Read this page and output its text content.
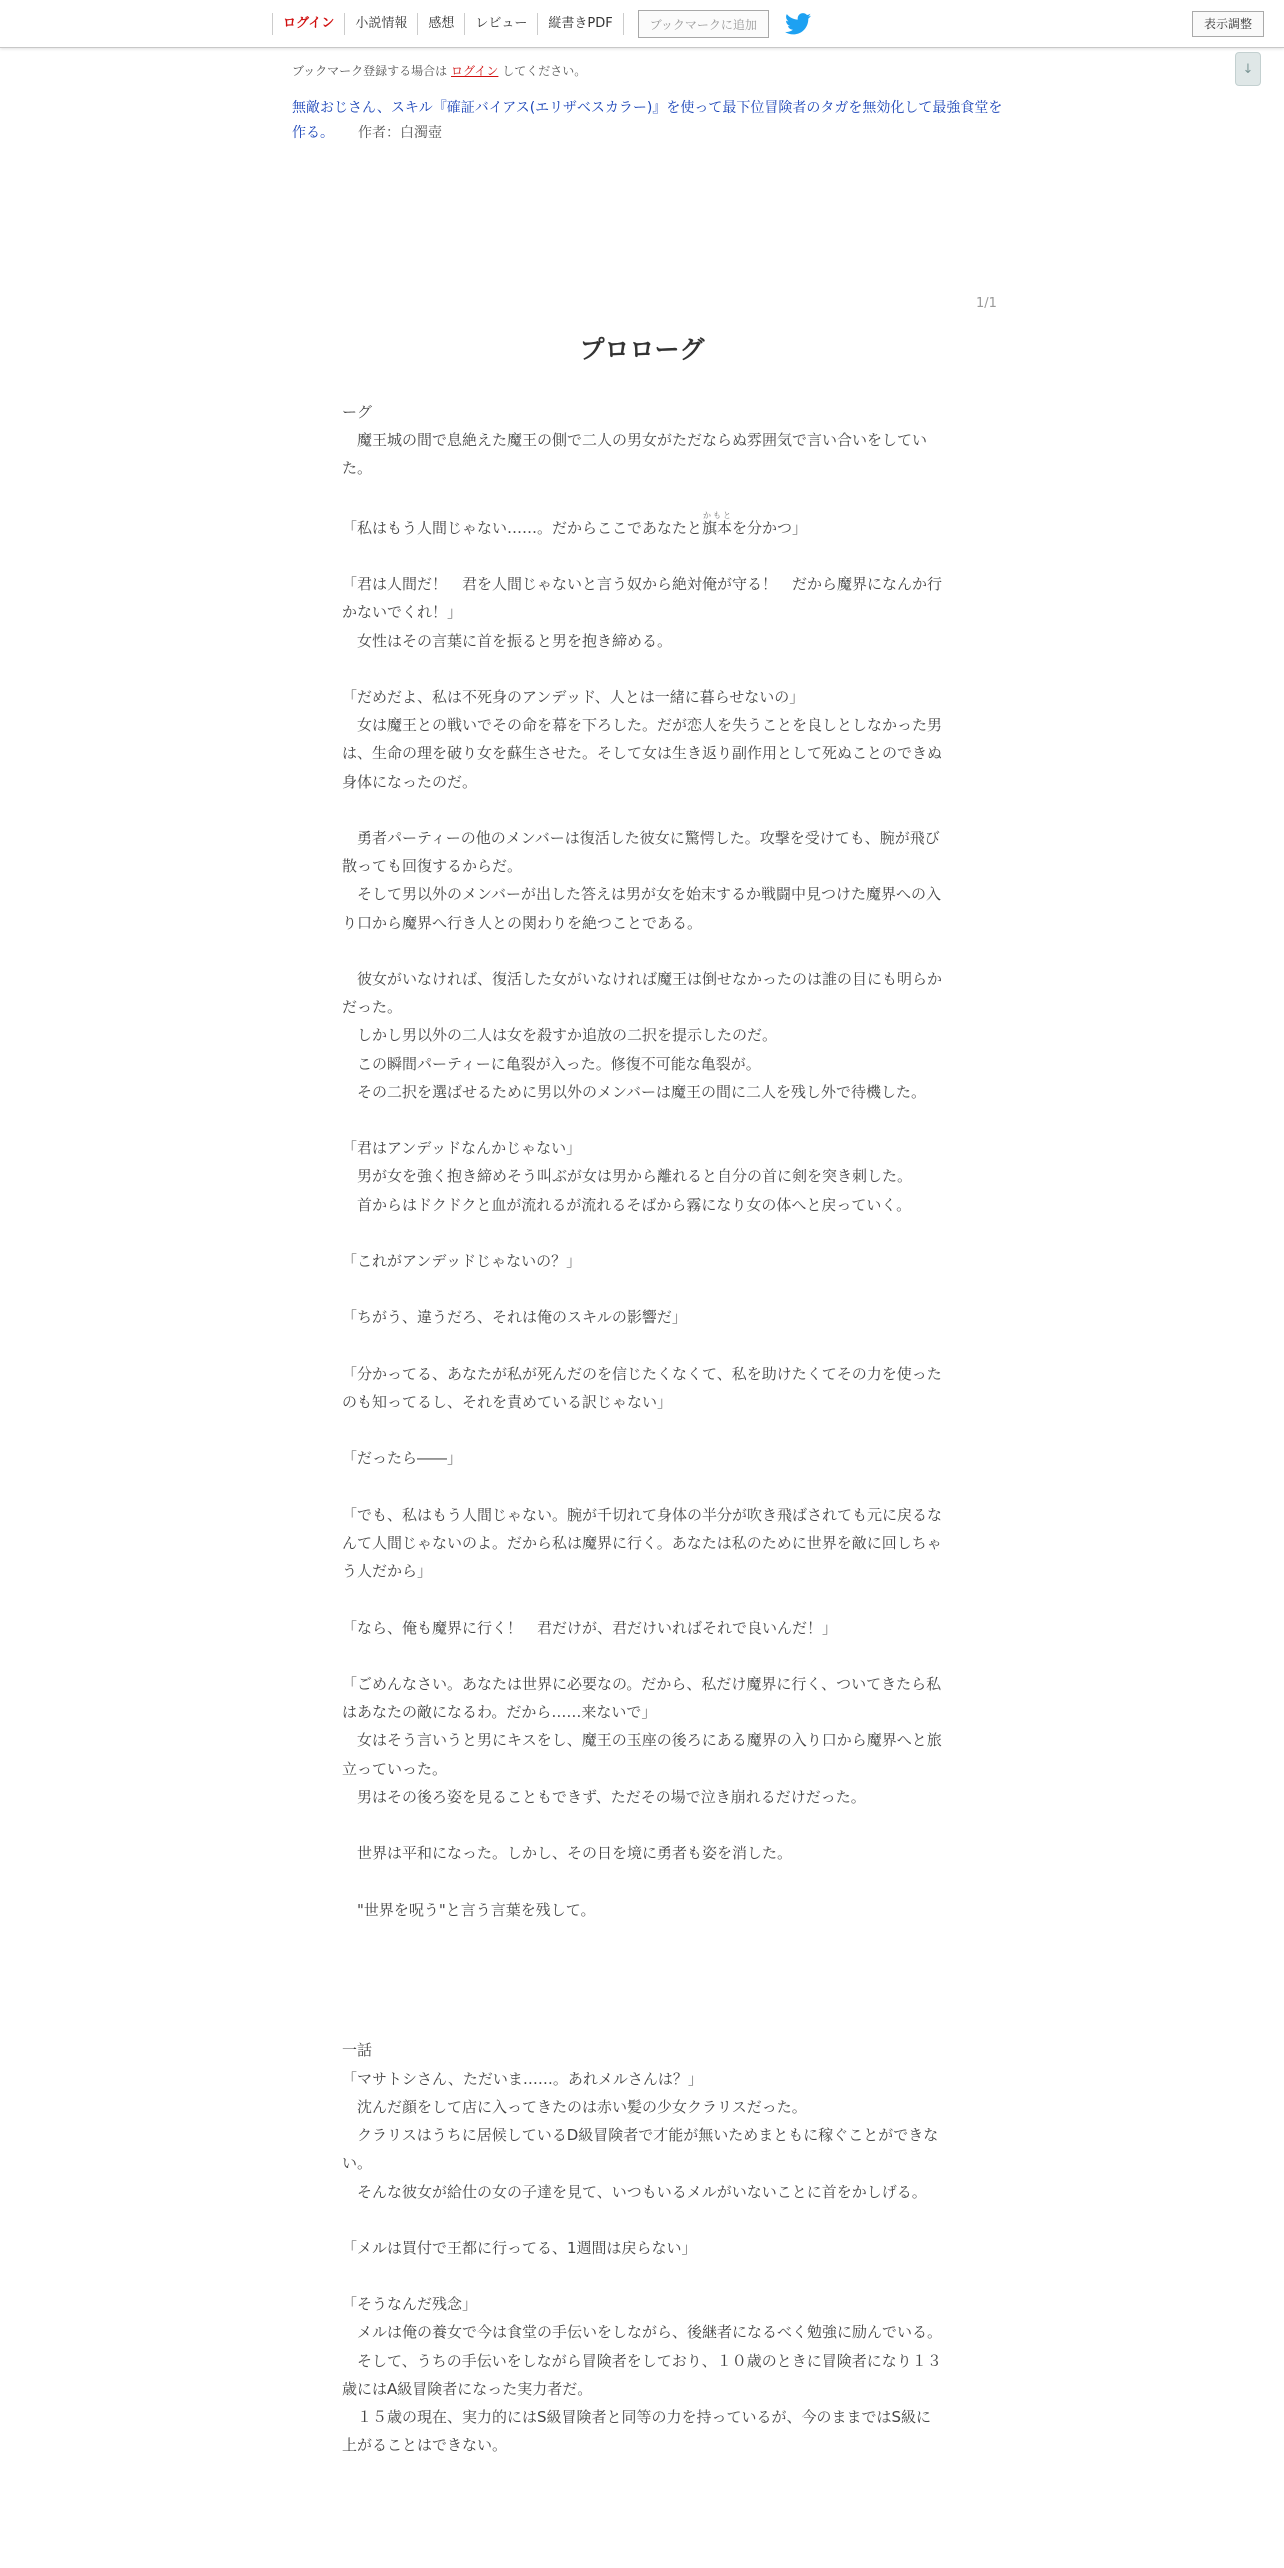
ログイン	小説情報	感想	レビュー	縦書きPDF	ブックマークに追加	表示調整
↓
ブックマーク登録する場合は ログイン してください。
無敵おじさん、スキル『確証バイアス(エリザベスカラー)』を使って最下位冒険者のタガを無効化して最強食堂を作る。 作者：白濁壺
1/1
プロローグ

ーグ

　魔王城の間で息絶えた魔王の側で二人の男女がただならぬ雰囲気で言い合いをしていた。

「私はもう人間じゃない……。だからここであなたと旗本かもとを分かつ」

「君は人間だ！　君を人間じゃないと言う奴から絶対俺が守る！　だから魔界になんか行かないでくれ！」

　女性はその言葉に首を振ると男を抱き締める。

「だめだよ、私は不死身のアンデッド、人とは一緒に暮らせないの」

　女は魔王との戦いでその命を幕を下ろした。だが恋人を失うことを良しとしなかった男は、生命の理を破り女を蘇生させた。そして女は生き返り副作用として死ぬことのできぬ身体になったのだ。

　勇者パーティーの他のメンバーは復活した彼女に驚愕した。攻撃を受けても、腕が飛び散っても回復するからだ。

　そして男以外のメンバーが出した答えは男が女を始末するか戦闘中見つけた魔界への入り口から魔界へ行き人との関わりを絶つことである。

　彼女がいなければ、復活した女がいなければ魔王は倒せなかったのは誰の目にも明らかだった。

　しかし男以外の二人は女を殺すか追放の二択を提示したのだ。

　この瞬間パーティーに亀裂が入った。修復不可能な亀裂が。

　その二択を選ばせるために男以外のメンバーは魔王の間に二人を残し外で待機した。

「君はアンデッドなんかじゃない」

　男が女を強く抱き締めそう叫ぶが女は男から離れると自分の首に剣を突き刺した。

　首からはドクドクと血が流れるが流れるそばから霧になり女の体へと戻っていく。

「これがアンデッドじゃないの？」

「ちがう、違うだろ、それは俺のスキルの影響だ」

「分かってる、あなたが私が死んだのを信じたくなくて、私を助けたくてその力を使ったのも知ってるし、それを責めている訳じゃない」

「だったら――」

「でも、私はもう人間じゃない。腕が千切れて身体の半分が吹き飛ばされても元に戻るなんて人間じゃないのよ。だから私は魔界に行く。あなたは私のために世界を敵に回しちゃう人だから」

「なら、俺も魔界に行く！　君だけが、君だけいればそれで良いんだ！」

「ごめんなさい。あなたは世界に必要なの。だから、私だけ魔界に行く、ついてきたら私はあなたの敵になるわ。だから……来ないで」

　女はそう言いうと男にキスをし、魔王の玉座の後ろにある魔界の入り口から魔界へと旅立っていった。

　男はその後ろ姿を見ることもできず、ただその場で泣き崩れるだけだった。

　世界は平和になった。しかし、その日を境に勇者も姿を消した。

　"世界を呪う"と言う言葉を残して。

一話

「マサトシさん、ただいま……。あれメルさんは？」

　沈んだ顔をして店に入ってきたのは赤い髪の少女クラリスだった。

　クラリスはうちに居候しているD級冒険者で才能が無いためまともに稼ぐことができない。

　そんな彼女が給仕の女の子達を見て、いつもいるメルがいないことに首をかしげる。

「メルは買付で王都に行ってる、1週間は戻らない」

「そうなんだ残念」

　メルは俺の養女で今は食堂の手伝いをしながら、後継者になるべく勉強に励んでいる。

　そして、うちの手伝いをしながら冒険者をしており、１０歳のときに冒険者になり１３歳にはA級冒険者になった実力者だ。

　１５歳の現在、実力的にはS級冒険者と同等の力を持っているが、今のままではS級に上がることはできない。
